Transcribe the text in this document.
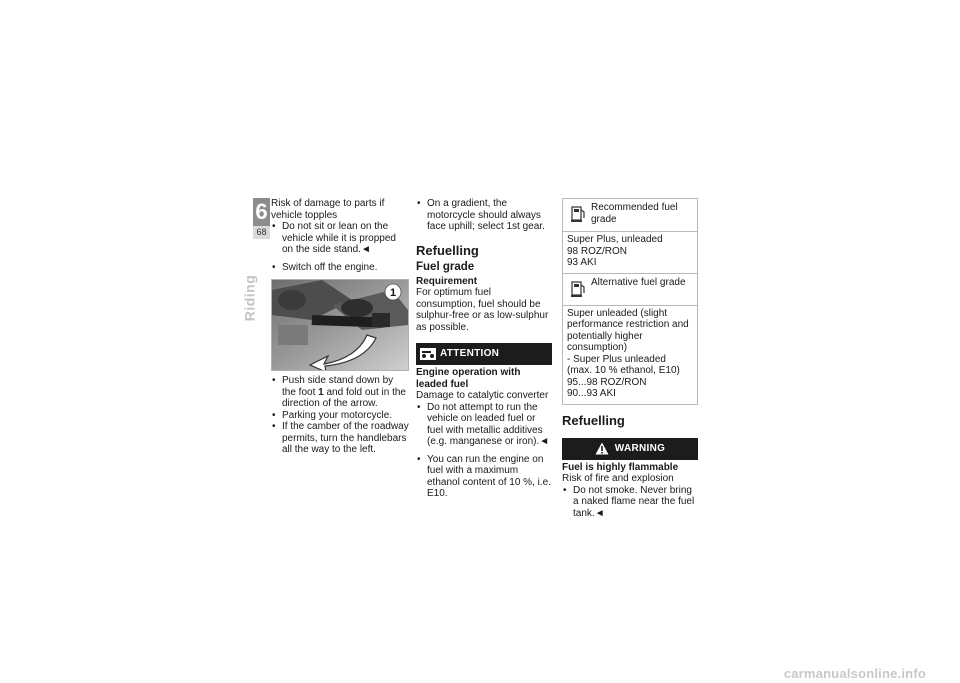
6
68
Riding
Risk of damage to parts if vehicle topples
• Do not sit or lean on the vehicle while it is propped on the side stand.◄
• Switch off the engine.
1
• Push side stand down by the foot 1 and fold out in the direction of the arrow.
• Parking your motorcycle.
• If the camber of the roadway permits, turn the handlebars all the way to the left.
• On a gradient, the motorcycle should always face uphill; select 1st gear.
Refuelling
Fuel grade
Requirement
For optimum fuel consumption, fuel should be sulphur-free or as low-sulphur as possible.
ATTENTION
Engine operation with leaded fuel
Damage to catalytic converter
• Do not attempt to run the vehicle on leaded fuel or fuel with metallic additives (e.g. manganese or iron).◄
• You can run the engine on fuel with a maximum ethanol content of 10 %, i.e. E10.
Recommended fuel grade
Super Plus, unleaded
98 ROZ/RON
93 AKI
Alternative fuel grade
Super unleaded (slight performance restriction and potentially higher consumption)
- Super Plus unleaded (max. 10 % ethanol, E10)
95...98 ROZ/RON
90...93 AKI
Refuelling
WARNING
Fuel is highly flammable
Risk of fire and explosion
• Do not smoke. Never bring a naked flame near the fuel tank.◄
carmanualsonline.info
